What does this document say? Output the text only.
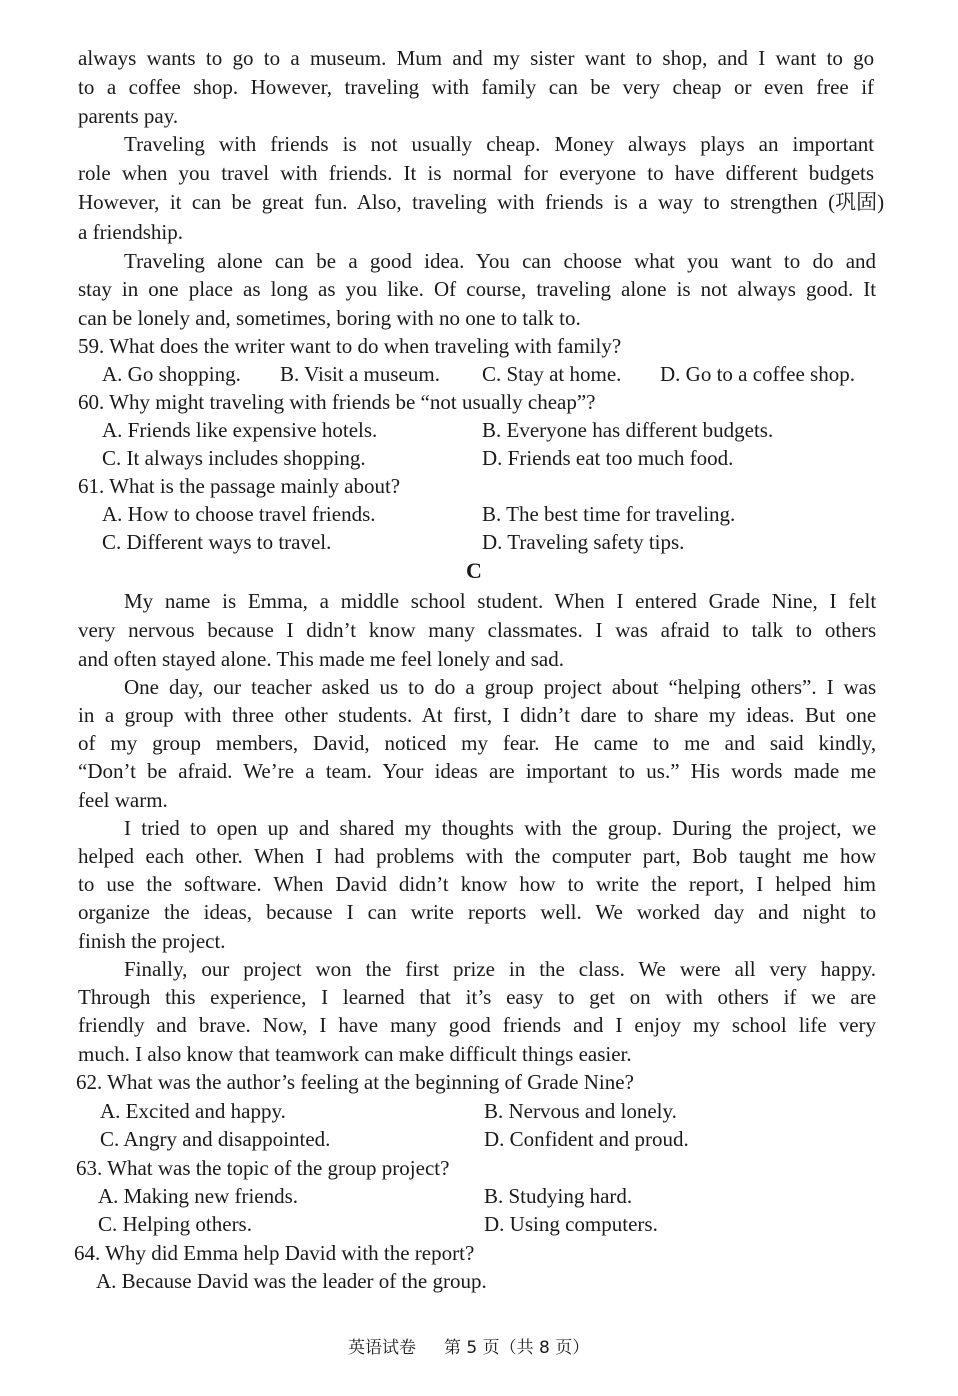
always wants to go to a museum. Mum and my sister want to shop, and I want to go
to a coffee shop. However, traveling with family can be very cheap or even free if
parents pay.
Traveling with friends is not usually cheap. Money always plays an important
role when you travel with friends. It is normal for everyone to have different budgets
However, it can be great fun. Also, traveling with friends is a way to strengthen (巩固)
a friendship.
Traveling alone can be a good idea. You can choose what you want to do and
stay in one place as long as you like. Of course, traveling alone is not always good. It
can be lonely and, sometimes, boring with no one to talk to.
59. What does the writer want to do when traveling with family?
A. Go shopping. B. Visit a museum. C. Stay at home. D. Go to a coffee shop.
60. Why might traveling with friends be “not usually cheap”?
A. Friends like expensive hotels.	B. Everyone has different budgets.
C. It always includes shopping.	D. Friends eat too much food.
61. What is the passage mainly about?
A. How to choose travel friends.	B. The best time for traveling.
C. Different ways to travel.	D. Traveling safety tips.
C
My name is Emma, a middle school student. When I entered Grade Nine, I felt
very nervous because I didn’t know many classmates. I was afraid to talk to others
and often stayed alone. This made me feel lonely and sad.
One day, our teacher asked us to do a group project about “helping others”. I was
in a group with three other students. At first, I didn’t dare to share my ideas. But one
of my group members, David, noticed my fear. He came to me and said kindly,
“Don’t be afraid. We’re a team. Your ideas are important to us.” His words made me
feel warm.
I tried to open up and shared my thoughts with the group. During the project, we
helped each other. When I had problems with the computer part, Bob taught me how
to use the software. When David didn’t know how to write the report, I helped him
organize the ideas, because I can write reports well. We worked day and night to
finish the project.
Finally, our project won the first prize in the class. We were all very happy.
Through this experience, I learned that it’s easy to get on with others if we are
friendly and brave. Now, I have many good friends and I enjoy my school life very
much. I also know that teamwork can make difficult things easier.
62. What was the author’s feeling at the beginning of Grade Nine?
A. Excited and happy.	B. Nervous and lonely.
C. Angry and disappointed.	D. Confident and proud.
63. What was the topic of the group project?
A. Making new friends.	B. Studying hard.
C. Helping others.	D. Using computers.
64. Why did Emma help David with the report?
A. Because David was the leader of the group.
英语试卷 第 5 页（共 8 页）
